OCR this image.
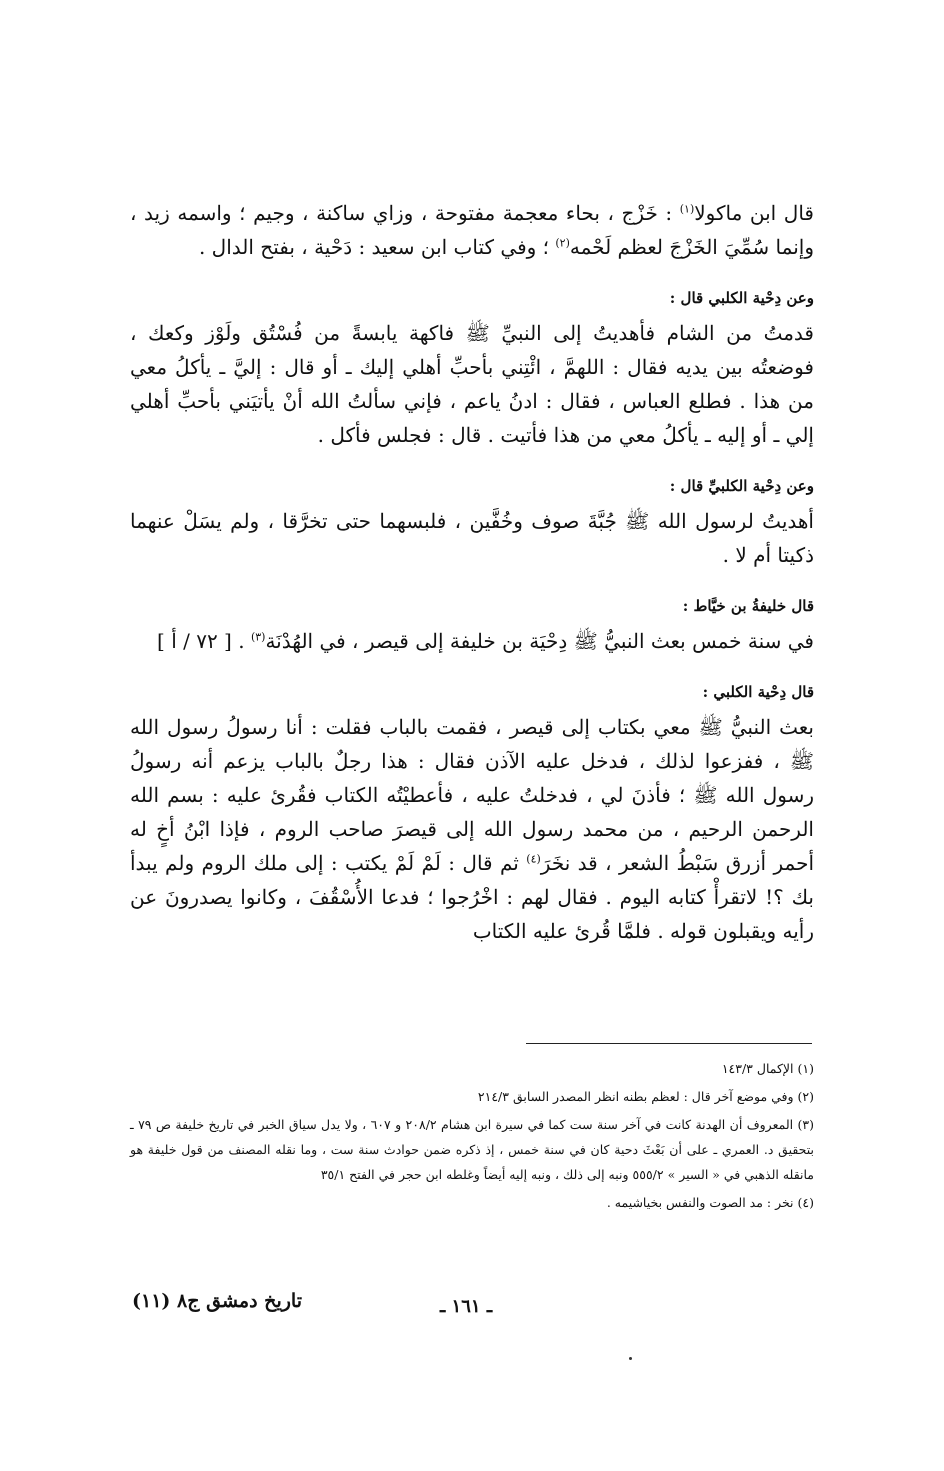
قال ابن ماكولا$^{(١)}$ : خَزْج ، بحاء معجمة مفتوحة ، وزاي ساكنة ، وجيم ؛ واسمه زيد ، وإنما سُمِّيَ الخَزْجَ لعظم لَحْمه$^{(٢)}$ ؛ وفي كتاب ابن سعيد : دَحْية ، بفتح الدال .

وعن دِحْية الكلبي قال :

قدمتُ من الشام فأهديتُ إلى النبيِّ ﷺ فاكهة يابسةً من فُسْتُق ولَوْز وكعك ، فوضعتُه بين يديه فقال : اللهمَّ ، ائْتِني بأحبِّ أهلي إليك ـ أو قال : إليَّ ـ يأكلُ معي من هذا . فطلع العباس ، فقال : ادنُ ياعم ، فإني سألتُ الله أنْ يأتيَني بأحبِّ أهلي إلي ـ أو إليه ـ يأكلُ معي من هذا فأتيت . قال : فجلس فأكل .

وعن دِحْية الكلبيِّ قال :

أهديتُ لرسول الله ﷺ جُبَّةَ صوف وخُفَّين ، فلبسهما حتى تخرَّقا ، ولم يسَلْ عنهما ذكيتا أم لا .

قال خليفةُ بن خيَّاط :

في سنة خمس بعث النبيُّ ﷺ دِحْيَة بن خليفة إلى قيصر ، في الهُدْنَة$^{(٣)}$ . [ ٧٢ / أ ]

قال دِحْية الكلبي :

بعث النبيُّ ﷺ معي بكتاب إلى قيصر ، فقمت بالباب فقلت : أنا رسولُ رسول الله ﷺ ، ففزعوا لذلك ، فدخل عليه الآذن فقال : هذا رجلٌ بالباب يزعم أنه رسولُ رسول الله ﷺ ؛ فأذنَ لي ، فدخلتُ عليه ، فأعطيْتُه الكتاب فقُرئ عليه : بسم الله الرحمن الرحيم ، من محمد رسول الله إلى قيصرَ صاحب الروم ، فإذا ابْنُ أخٍ له أحمر أزرق سَبْطُ الشعر ، قد نخَرَ$^{(٤)}$ ثم قال : لَمْ لَمْ يكتب : إلى ملك الروم ولم يبدأ بك ؟! لاتقرأْ كتابه اليوم . فقال لهم : اخْرُجوا ؛ فدعا الأُسْقُفَ ، وكانوا يصدرونَ عن رأيه ويقبلون قوله . فلمَّا قُرئ عليه الكتاب

(١) الإكمال ١٤٣/٣

(٢) وفي موضع آخر قال : لعظم بطنه انظر المصدر السابق ٢١٤/٣

(٣) المعروف أن الهدنة كانت في آخر سنة ست كما في سيرة ابن هشام ٢٠٨/٢ و ٦٠٧ ، ولا يدل سياق الخبر في تاريخ خليفة ص ٧٩ ـ بتحقيق د. العمري ـ على أن بَعْثَ دحية كان في سنة خمس ، إذ ذكره ضمن حوادث سنة ست ، وما نقله المصنف من قول خليفة هو مانقله الذهبي في « السير » ٥٥٥/٢ ونبه إلى ذلك ، ونبه إليه أيضاً وغلطه ابن حجر في الفتح ٣٥/١

(٤) نخر : مد الصوت والنفس بخياشيمه .

تاريخ دمشق ج٨ (١١)	ـ ١٦١ ـ
